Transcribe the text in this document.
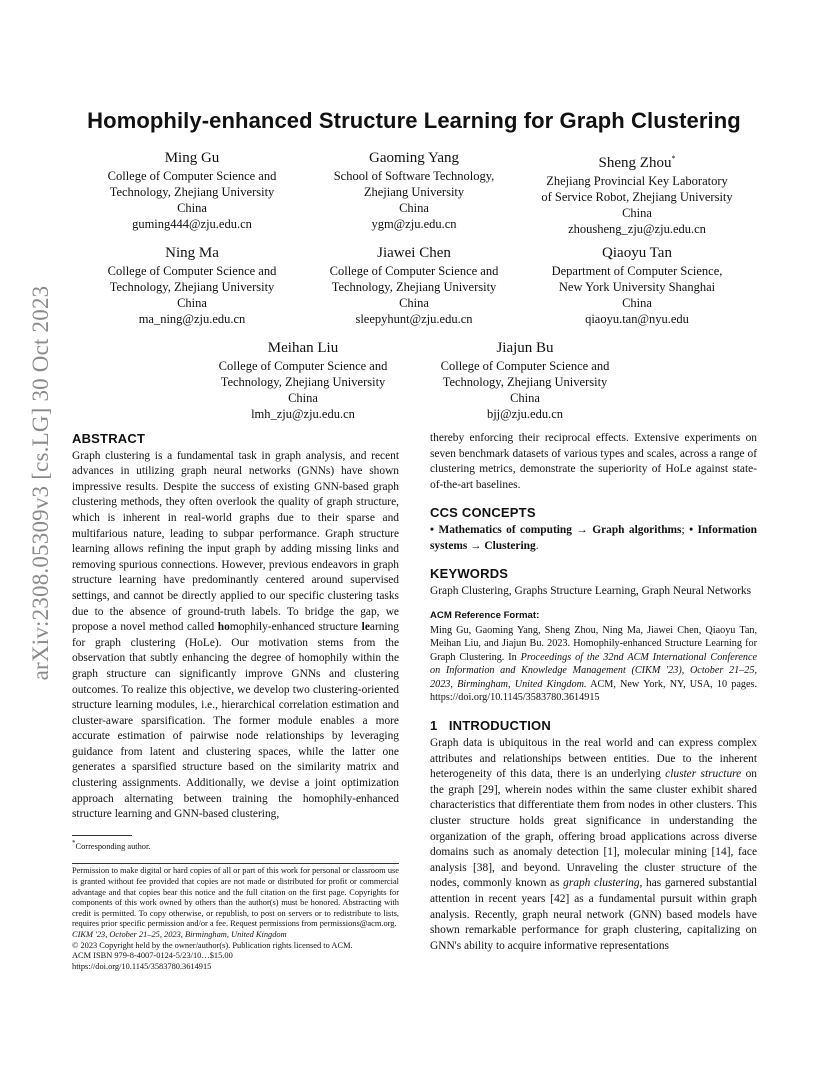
arXiv:2308.05309v3 [cs.LG] 30 Oct 2023
Homophily-enhanced Structure Learning for Graph Clustering
Ming Gu
College of Computer Science and
Technology, Zhejiang University
China
guming444@zju.edu.cn
Gaoming Yang
School of Software Technology,
Zhejiang University
China
ygm@zju.edu.cn
Sheng Zhou*
Zhejiang Provincial Key Laboratory
of Service Robot, Zhejiang University
China
zhousheng_zju@zju.edu.cn
Ning Ma
College of Computer Science and
Technology, Zhejiang University
China
ma_ning@zju.edu.cn
Jiawei Chen
College of Computer Science and
Technology, Zhejiang University
China
sleepyhunt@zju.edu.cn
Qiaoyu Tan
Department of Computer Science,
New York University Shanghai
China
qiaoyu.tan@nyu.edu
Meihan Liu
College of Computer Science and
Technology, Zhejiang University
China
lmh_zju@zju.edu.cn
Jiajun Bu
College of Computer Science and
Technology, Zhejiang University
China
bjj@zju.edu.cn
ABSTRACT

Graph clustering is a fundamental task in graph analysis, and recent advances in utilizing graph neural networks (GNNs) have shown impressive results. Despite the success of existing GNN-based graph clustering methods, they often overlook the quality of graph structure, which is inherent in real-world graphs due to their sparse and multifarious nature, leading to subpar performance. Graph structure learning allows refining the input graph by adding missing links and removing spurious connections. However, previous endeavors in graph structure learning have predominantly centered around supervised settings, and cannot be directly applied to our specific clustering tasks due to the absence of ground-truth labels. To bridge the gap, we propose a novel method called homophily-enhanced structure learning for graph clustering (HoLe). Our motivation stems from the observation that subtly enhancing the degree of homophily within the graph structure can significantly improve GNNs and clustering outcomes. To realize this objective, we develop two clustering-oriented structure learning modules, i.e., hierarchical correlation estimation and cluster-aware sparsification. The former module enables a more accurate estimation of pairwise node relationships by leveraging guidance from latent and clustering spaces, while the latter one generates a sparsified structure based on the similarity matrix and clustering assignments. Additionally, we devise a joint optimization approach alternating between training the homophily-enhanced structure learning and GNN-based clustering,

*Corresponding author.

Permission to make digital or hard copies of all or part of this work for personal or classroom use is granted without fee provided that copies are not made or distributed for profit or commercial advantage and that copies bear this notice and the full citation on the first page. Copyrights for components of this work owned by others than the author(s) must be honored. Abstracting with credit is permitted. To copy otherwise, or republish, to post on servers or to redistribute to lists, requires prior specific permission and/or a fee. Request permissions from permissions@acm.org.

CIKM '23, October 21–25, 2023, Birmingham, United Kingdom
© 2023 Copyright held by the owner/author(s). Publication rights licensed to ACM.
ACM ISBN 979-8-4007-0124-5/23/10…$15.00
https://doi.org/10.1145/3583780.3614915

thereby enforcing their reciprocal effects. Extensive experiments on seven benchmark datasets of various types and scales, across a range of clustering metrics, demonstrate the superiority of HoLe against state-of-the-art baselines.

CCS CONCEPTS

• Mathematics of computing → Graph algorithms; • Information systems → Clustering.

KEYWORDS

Graph Clustering, Graphs Structure Learning, Graph Neural Networks

ACM Reference Format:

Ming Gu, Gaoming Yang, Sheng Zhou, Ning Ma, Jiawei Chen, Qiaoyu Tan, Meihan Liu, and Jiajun Bu. 2023. Homophily-enhanced Structure Learning for Graph Clustering. In Proceedings of the 32nd ACM International Conference on Information and Knowledge Management (CIKM '23), October 21–25, 2023, Birmingham, United Kingdom. ACM, New York, NY, USA, 10 pages. https://doi.org/10.1145/3583780.3614915

1   INTRODUCTION

Graph data is ubiquitous in the real world and can express complex attributes and relationships between entities. Due to the inherent heterogeneity of this data, there is an underlying cluster structure on the graph [29], wherein nodes within the same cluster exhibit shared characteristics that differentiate them from nodes in other clusters. This cluster structure holds great significance in understanding the organization of the graph, offering broad applications across diverse domains such as anomaly detection [1], molecular mining [14], face analysis [38], and beyond. Unraveling the cluster structure of the nodes, commonly known as graph clustering, has garnered substantial attention in recent years [42] as a fundamental pursuit within graph analysis. Recently, graph neural network (GNN) based models have shown remarkable performance for graph clustering, capitalizing on GNN's ability to acquire informative representations
